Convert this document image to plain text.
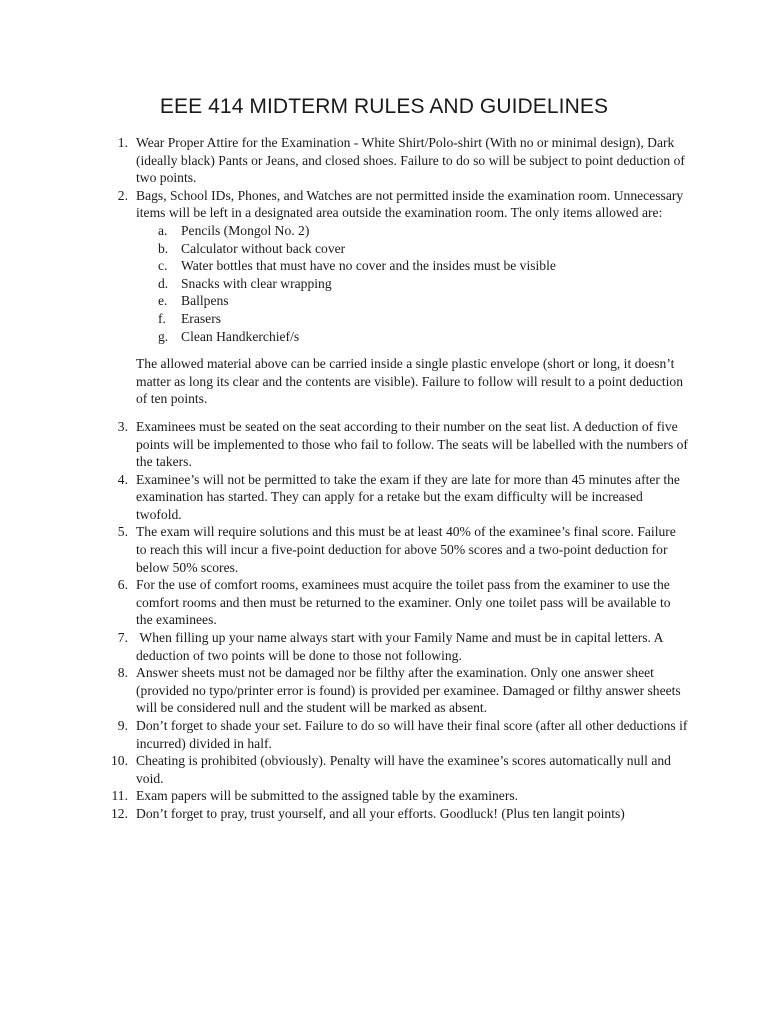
EEE 414 MIDTERM RULES AND GUIDELINES
1. Wear Proper Attire for the Examination - White Shirt/Polo-shirt (With no or minimal design), Dark (ideally black) Pants or Jeans, and closed shoes. Failure to do so will be subject to point deduction of two points.
2. Bags, School IDs, Phones, and Watches are not permitted inside the examination room. Unnecessary items will be left in a designated area outside the examination room. The only items allowed are:
a. Pencils (Mongol No. 2)
b. Calculator without back cover
c. Water bottles that must have no cover and the insides must be visible
d. Snacks with clear wrapping
e. Ballpens
f. Erasers
g. Clean Handkerchief/s
The allowed material above can be carried inside a single plastic envelope (short or long, it doesn’t matter as long its clear and the contents are visible). Failure to follow will result to a point deduction of ten points.
3. Examinees must be seated on the seat according to their number on the seat list. A deduction of five points will be implemented to those who fail to follow. The seats will be labelled with the numbers of the takers.
4. Examinee’s will not be permitted to take the exam if they are late for more than 45 minutes after the examination has started. They can apply for a retake but the exam difficulty will be increased twofold.
5. The exam will require solutions and this must be at least 40% of the examinee’s final score. Failure to reach this will incur a five-point deduction for above 50% scores and a two-point deduction for below 50% scores.
6. For the use of comfort rooms, examinees must acquire the toilet pass from the examiner to use the comfort rooms and then must be returned to the examiner. Only one toilet pass will be available to the examinees.
7. When filling up your name always start with your Family Name and must be in capital letters. A deduction of two points will be done to those not following.
8. Answer sheets must not be damaged nor be filthy after the examination. Only one answer sheet (provided no typo/printer error is found) is provided per examinee. Damaged or filthy answer sheets will be considered null and the student will be marked as absent.
9. Don’t forget to shade your set. Failure to do so will have their final score (after all other deductions if incurred) divided in half.
10. Cheating is prohibited (obviously). Penalty will have the examinee’s scores automatically null and void.
11. Exam papers will be submitted to the assigned table by the examiners.
12. Don’t forget to pray, trust yourself, and all your efforts. Goodluck! (Plus ten langit points)
